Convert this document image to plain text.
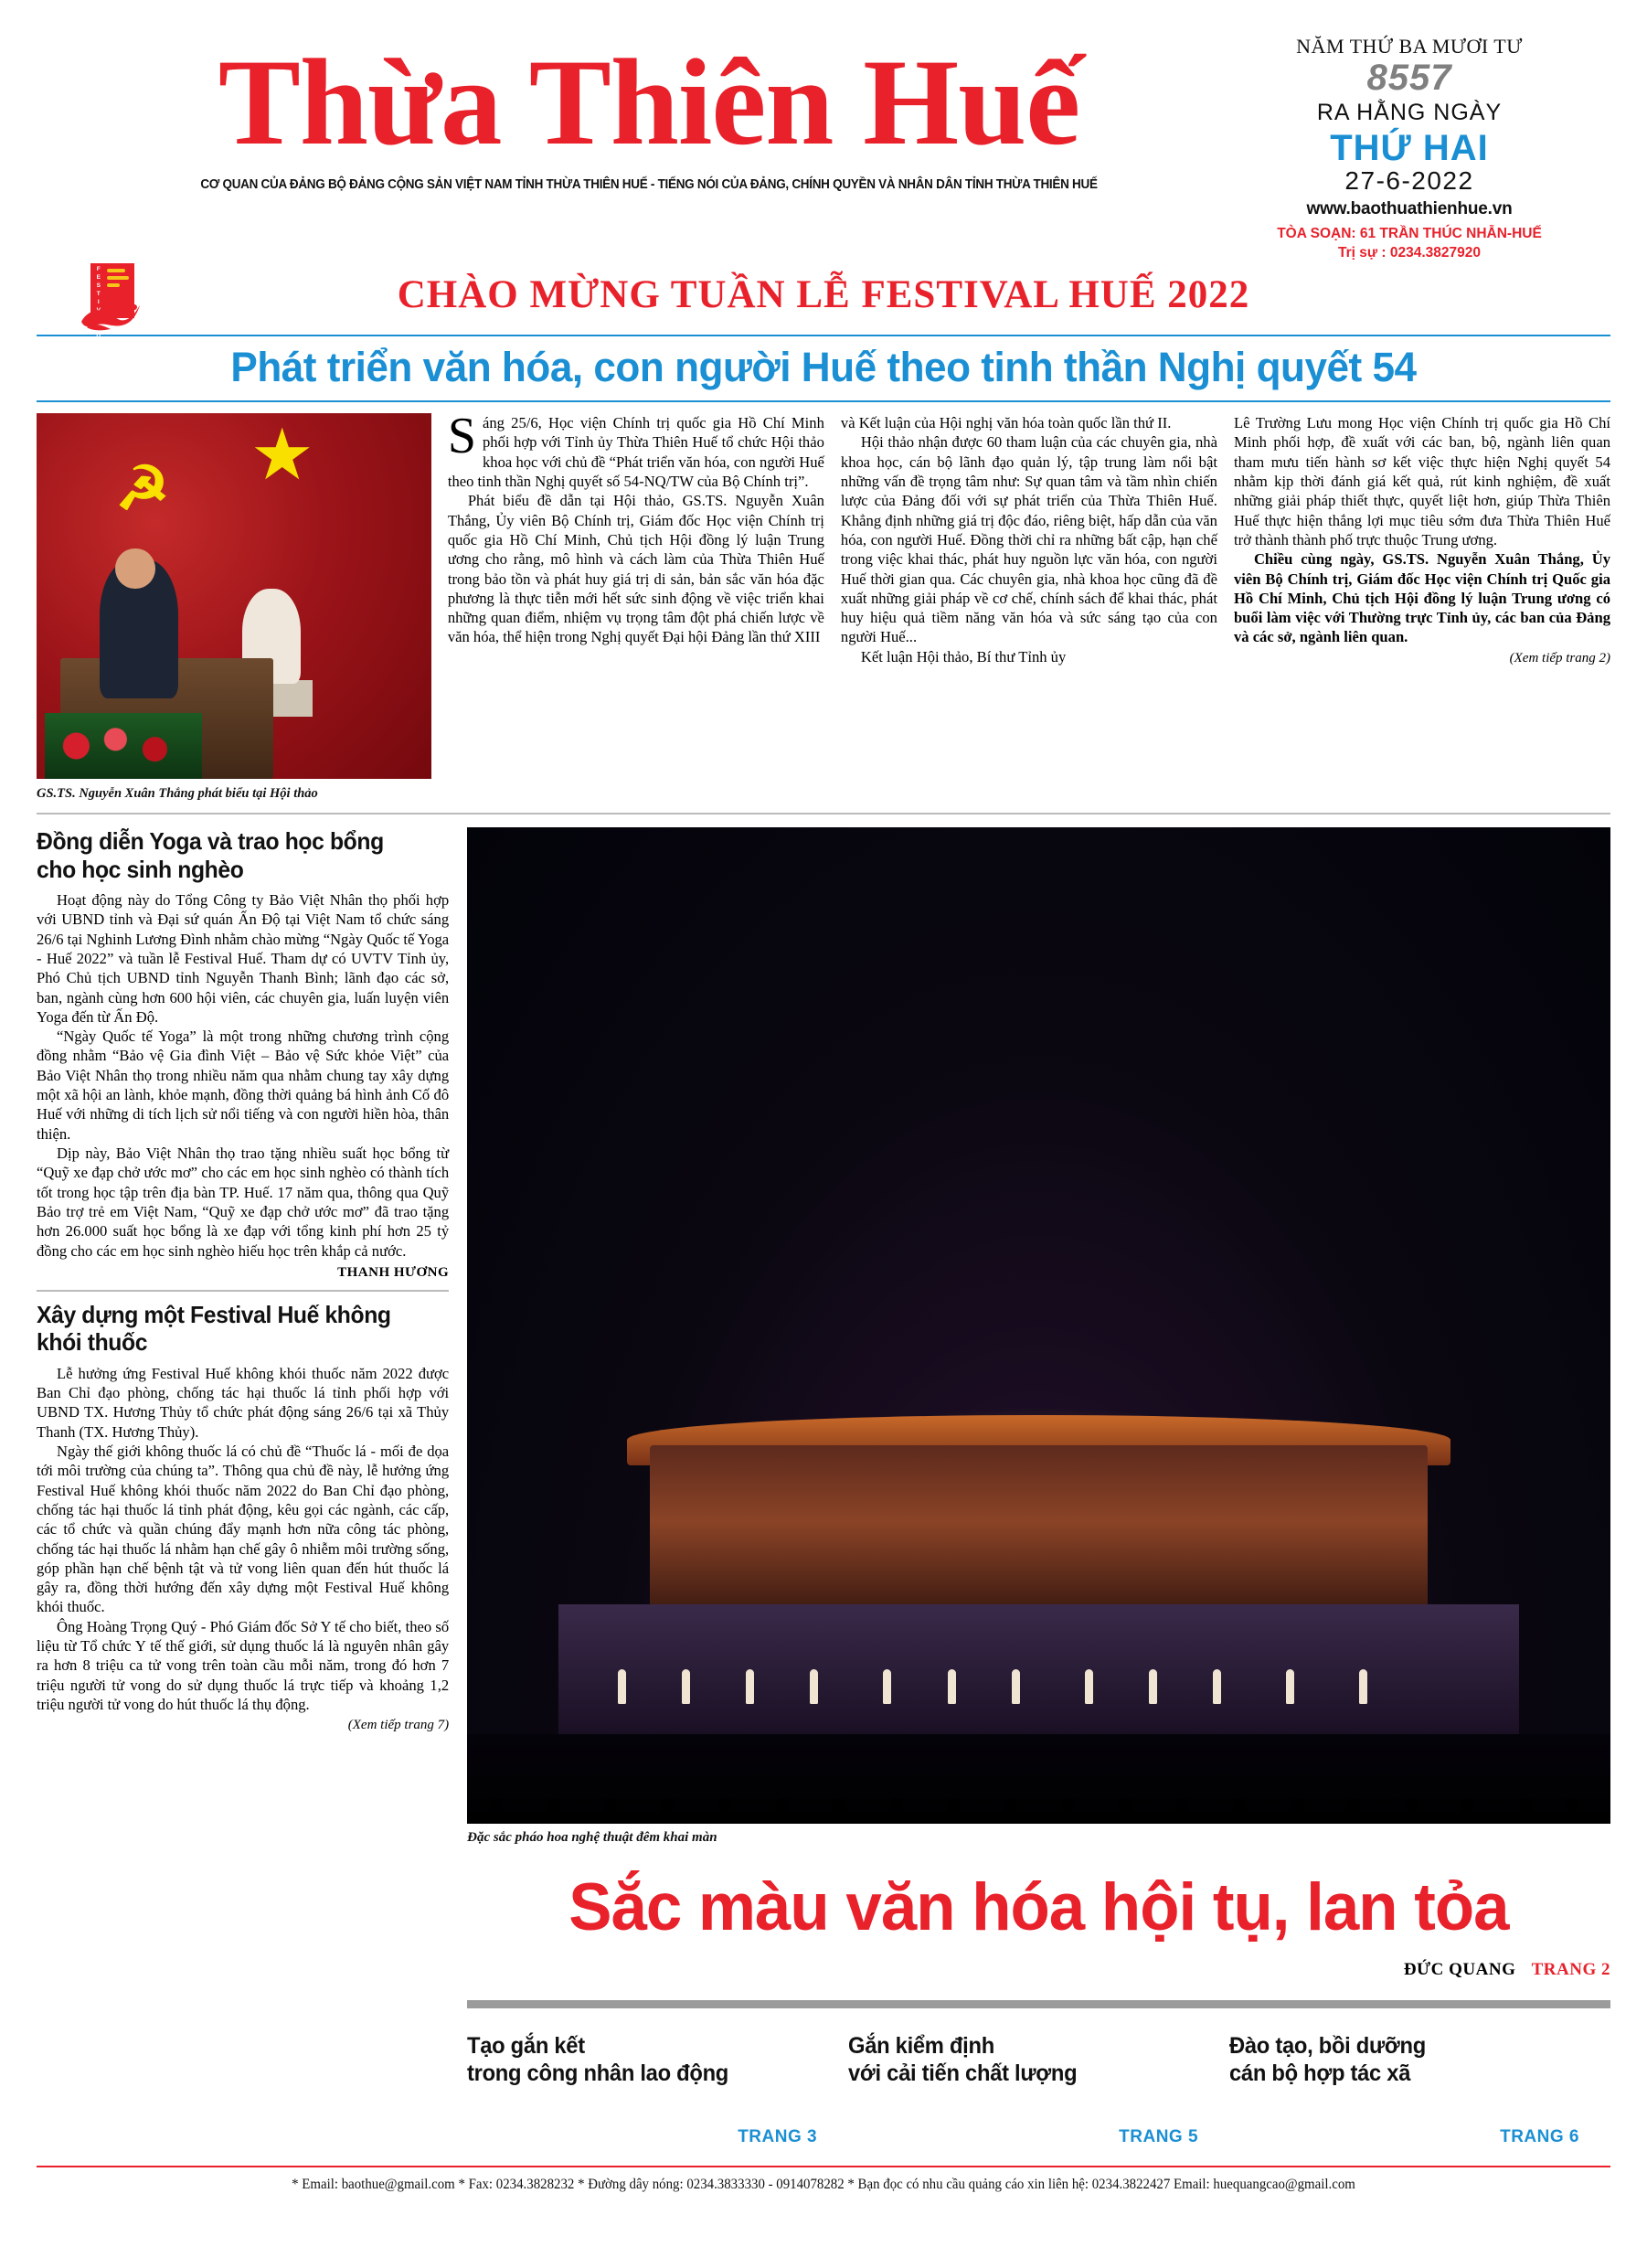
Thừa Thiên Huế
CƠ QUAN CỦA ĐẢNG BỘ ĐẢNG CỘNG SẢN VIỆT NAM TỈNH THỪA THIÊN HUẾ - TIẾNG NÓI CỦA ĐẢNG, CHÍNH QUYỀN VÀ NHÂN DÂN TỈNH THỪA THIÊN HUẾ
NĂM THỨ BA MƯƠI TƯ
8557
RA HẰNG NGÀY
THỨ HAI
27-6-2022
www.baothuathienhue.vn
TÒA SOẠN: 61 TRẦN THÚC NHẪN-HUẾ
Trị sự : 0234.3827920
F
E
S
T
I

H
U
E
2
0
2
2
CHÀO MỪNG TUẦN LỄ FESTIVAL HUẾ 2022
Phát triển văn hóa, con người Huế theo tinh thần Nghị quyết 54
☭
GS.TS. Nguyễn Xuân Thắng phát biểu tại Hội thảo

Sáng 25/6, Học viện Chính trị quốc gia Hồ Chí Minh phối hợp với Tỉnh ủy Thừa Thiên Huế tổ chức Hội thảo khoa học với chủ đề “Phát triển văn hóa, con người Huế theo tinh thần Nghị quyết số 54-NQ/TW của Bộ Chính trị”.

Phát biểu đề dẫn tại Hội thảo, GS.TS. Nguyễn Xuân Thắng, Ủy viên Bộ Chính trị, Giám đốc Học viện Chính trị quốc gia Hồ Chí Minh, Chủ tịch Hội đồng lý luận Trung ương cho rằng, mô hình và cách làm của Thừa Thiên Huế trong bảo tồn và phát huy giá trị di sản, bản sắc văn hóa đặc phương là thực tiễn mới hết sức sinh động về việc triển khai những quan điểm, nhiệm vụ trọng tâm đột phá chiến lược về văn hóa, thể hiện trong Nghị quyết Đại hội Đảng lần thứ XIII

và Kết luận của Hội nghị văn hóa toàn quốc lần thứ II.

Hội thảo nhận được 60 tham luận của các chuyên gia, nhà khoa học, cán bộ lãnh đạo quản lý, tập trung làm nổi bật những vấn đề trọng tâm như: Sự quan tâm và tầm nhìn chiến lược của Đảng đối với sự phát triển của Thừa Thiên Huế. Khẳng định những giá trị độc đáo, riêng biệt, hấp dẫn của văn hóa, con người Huế. Đồng thời chỉ ra những bất cập, hạn chế trong việc khai thác, phát huy nguồn lực văn hóa, con người Huế thời gian qua. Các chuyên gia, nhà khoa học cũng đã đề xuất những giải pháp về cơ chế, chính sách để khai thác, phát huy hiệu quả tiềm năng văn hóa và sức sáng tạo của con người Huế...

Kết luận Hội thảo, Bí thư Tỉnh ủy

Lê Trường Lưu mong Học viện Chính trị quốc gia Hồ Chí Minh phối hợp, đề xuất với các ban, bộ, ngành liên quan tham mưu tiến hành sơ kết việc thực hiện Nghị quyết 54 nhằm kịp thời đánh giá kết quả, rút kinh nghiệm, đề xuất những giải pháp thiết thực, quyết liệt hơn, giúp Thừa Thiên Huế thực hiện thắng lợi mục tiêu sớm đưa Thừa Thiên Huế trở thành thành phố trực thuộc Trung ương.

Chiều cùng ngày, GS.TS. Nguyễn Xuân Thắng, Ủy viên Bộ Chính trị, Giám đốc Học viện Chính trị Quốc gia Hồ Chí Minh, Chủ tịch Hội đồng lý luận Trung ương có buổi làm việc với Thường trực Tỉnh ủy, các ban của Đảng và các sở, ngành liên quan.

(Xem tiếp trang 2)
Đồng diễn Yoga và trao học bổng cho học sinh nghèo

Hoạt động này do Tổng Công ty Bảo Việt Nhân thọ phối hợp với UBND tỉnh và Đại sứ quán Ấn Độ tại Việt Nam tổ chức sáng 26/6 tại Nghinh Lương Đình nhằm chào mừng “Ngày Quốc tế Yoga - Huế 2022” và tuần lễ Festival Huế. Tham dự có UVTV Tỉnh ủy, Phó Chủ tịch UBND tỉnh Nguyễn Thanh Bình; lãnh đạo các sở, ban, ngành cùng hơn 600 hội viên, các chuyên gia, luấn luyện viên Yoga đến từ Ấn Độ.

“Ngày Quốc tế Yoga” là một trong những chương trình cộng đồng nhằm “Bảo vệ Gia đình Việt – Bảo vệ Sức khỏe Việt” của Bảo Việt Nhân thọ trong nhiều năm qua nhằm chung tay xây dựng một xã hội an lành, khỏe mạnh, đồng thời quảng bá hình ảnh Cố đô Huế với những di tích lịch sử nổi tiếng và con người hiền hòa, thân thiện.

Dịp này, Bảo Việt Nhân thọ trao tặng nhiều suất học bổng từ “Quỹ xe đạp chở ước mơ” cho các em học sinh nghèo có thành tích tốt trong học tập trên địa bàn TP. Huế. 17 năm qua, thông qua Quỹ Bảo trợ trẻ em Việt Nam, “Quỹ xe đạp chở ước mơ” đã trao tặng hơn 26.000 suất học bổng là xe đạp với tổng kinh phí hơn 25 tỷ đồng cho các em học sinh nghèo hiếu học trên khắp cả nước.

THANH HƯƠNG
Xây dựng một Festival Huế không khói thuốc

Lễ hưởng ứng Festival Huế không khói thuốc năm 2022 được Ban Chỉ đạo phòng, chống tác hại thuốc lá tỉnh phối hợp với UBND TX. Hương Thủy tổ chức phát động sáng 26/6 tại xã Thủy Thanh (TX. Hương Thủy).

Ngày thế giới không thuốc lá có chủ đề “Thuốc lá - mối đe dọa tới môi trường của chúng ta”. Thông qua chủ đề này, lễ hưởng ứng Festival Huế không khói thuốc năm 2022 do Ban Chỉ đạo phòng, chống tác hại thuốc lá tỉnh phát động, kêu gọi các ngành, các cấp, các tổ chức và quần chúng đẩy mạnh hơn nữa công tác phòng, chống tác hại thuốc lá nhằm hạn chế gây ô nhiễm môi trường sống, góp phần hạn chế bệnh tật và tử vong liên quan đến hút thuốc lá gây ra, đồng thời hướng đến xây dựng một Festival Huế không khói thuốc.

Ông Hoàng Trọng Quý - Phó Giám đốc Sở Y tế cho biết, theo số liệu từ Tổ chức Y tế thế giới, sử dụng thuốc lá là nguyên nhân gây ra hơn 8 triệu ca tử vong trên toàn cầu mỗi năm, trong đó hơn 7 triệu người tử vong do sử dụng thuốc lá trực tiếp và khoảng 1,2 triệu người tử vong do hút thuốc lá thụ động.

(Xem tiếp trang 7)
Đặc sắc pháo hoa nghệ thuật đêm khai màn
Sắc màu văn hóa hội tụ, lan tỏa
ĐỨC QUANG TRANG 2
Tạo gắn kết
trong công nhân lao động
TRANG 3
Gắn kiểm định
với cải tiến chất lượng
TRANG 5
Đào tạo, bồi dưỡng
cán bộ hợp tác xã
TRANG 6
* Email: baothue@gmail.com * Fax: 0234.3828232 * Đường dây nóng: 0234.3833330 - 0914078282 * Bạn đọc có nhu cầu quảng cáo xin liên hệ: 0234.3822427 Email: huequangcao@gmail.com
